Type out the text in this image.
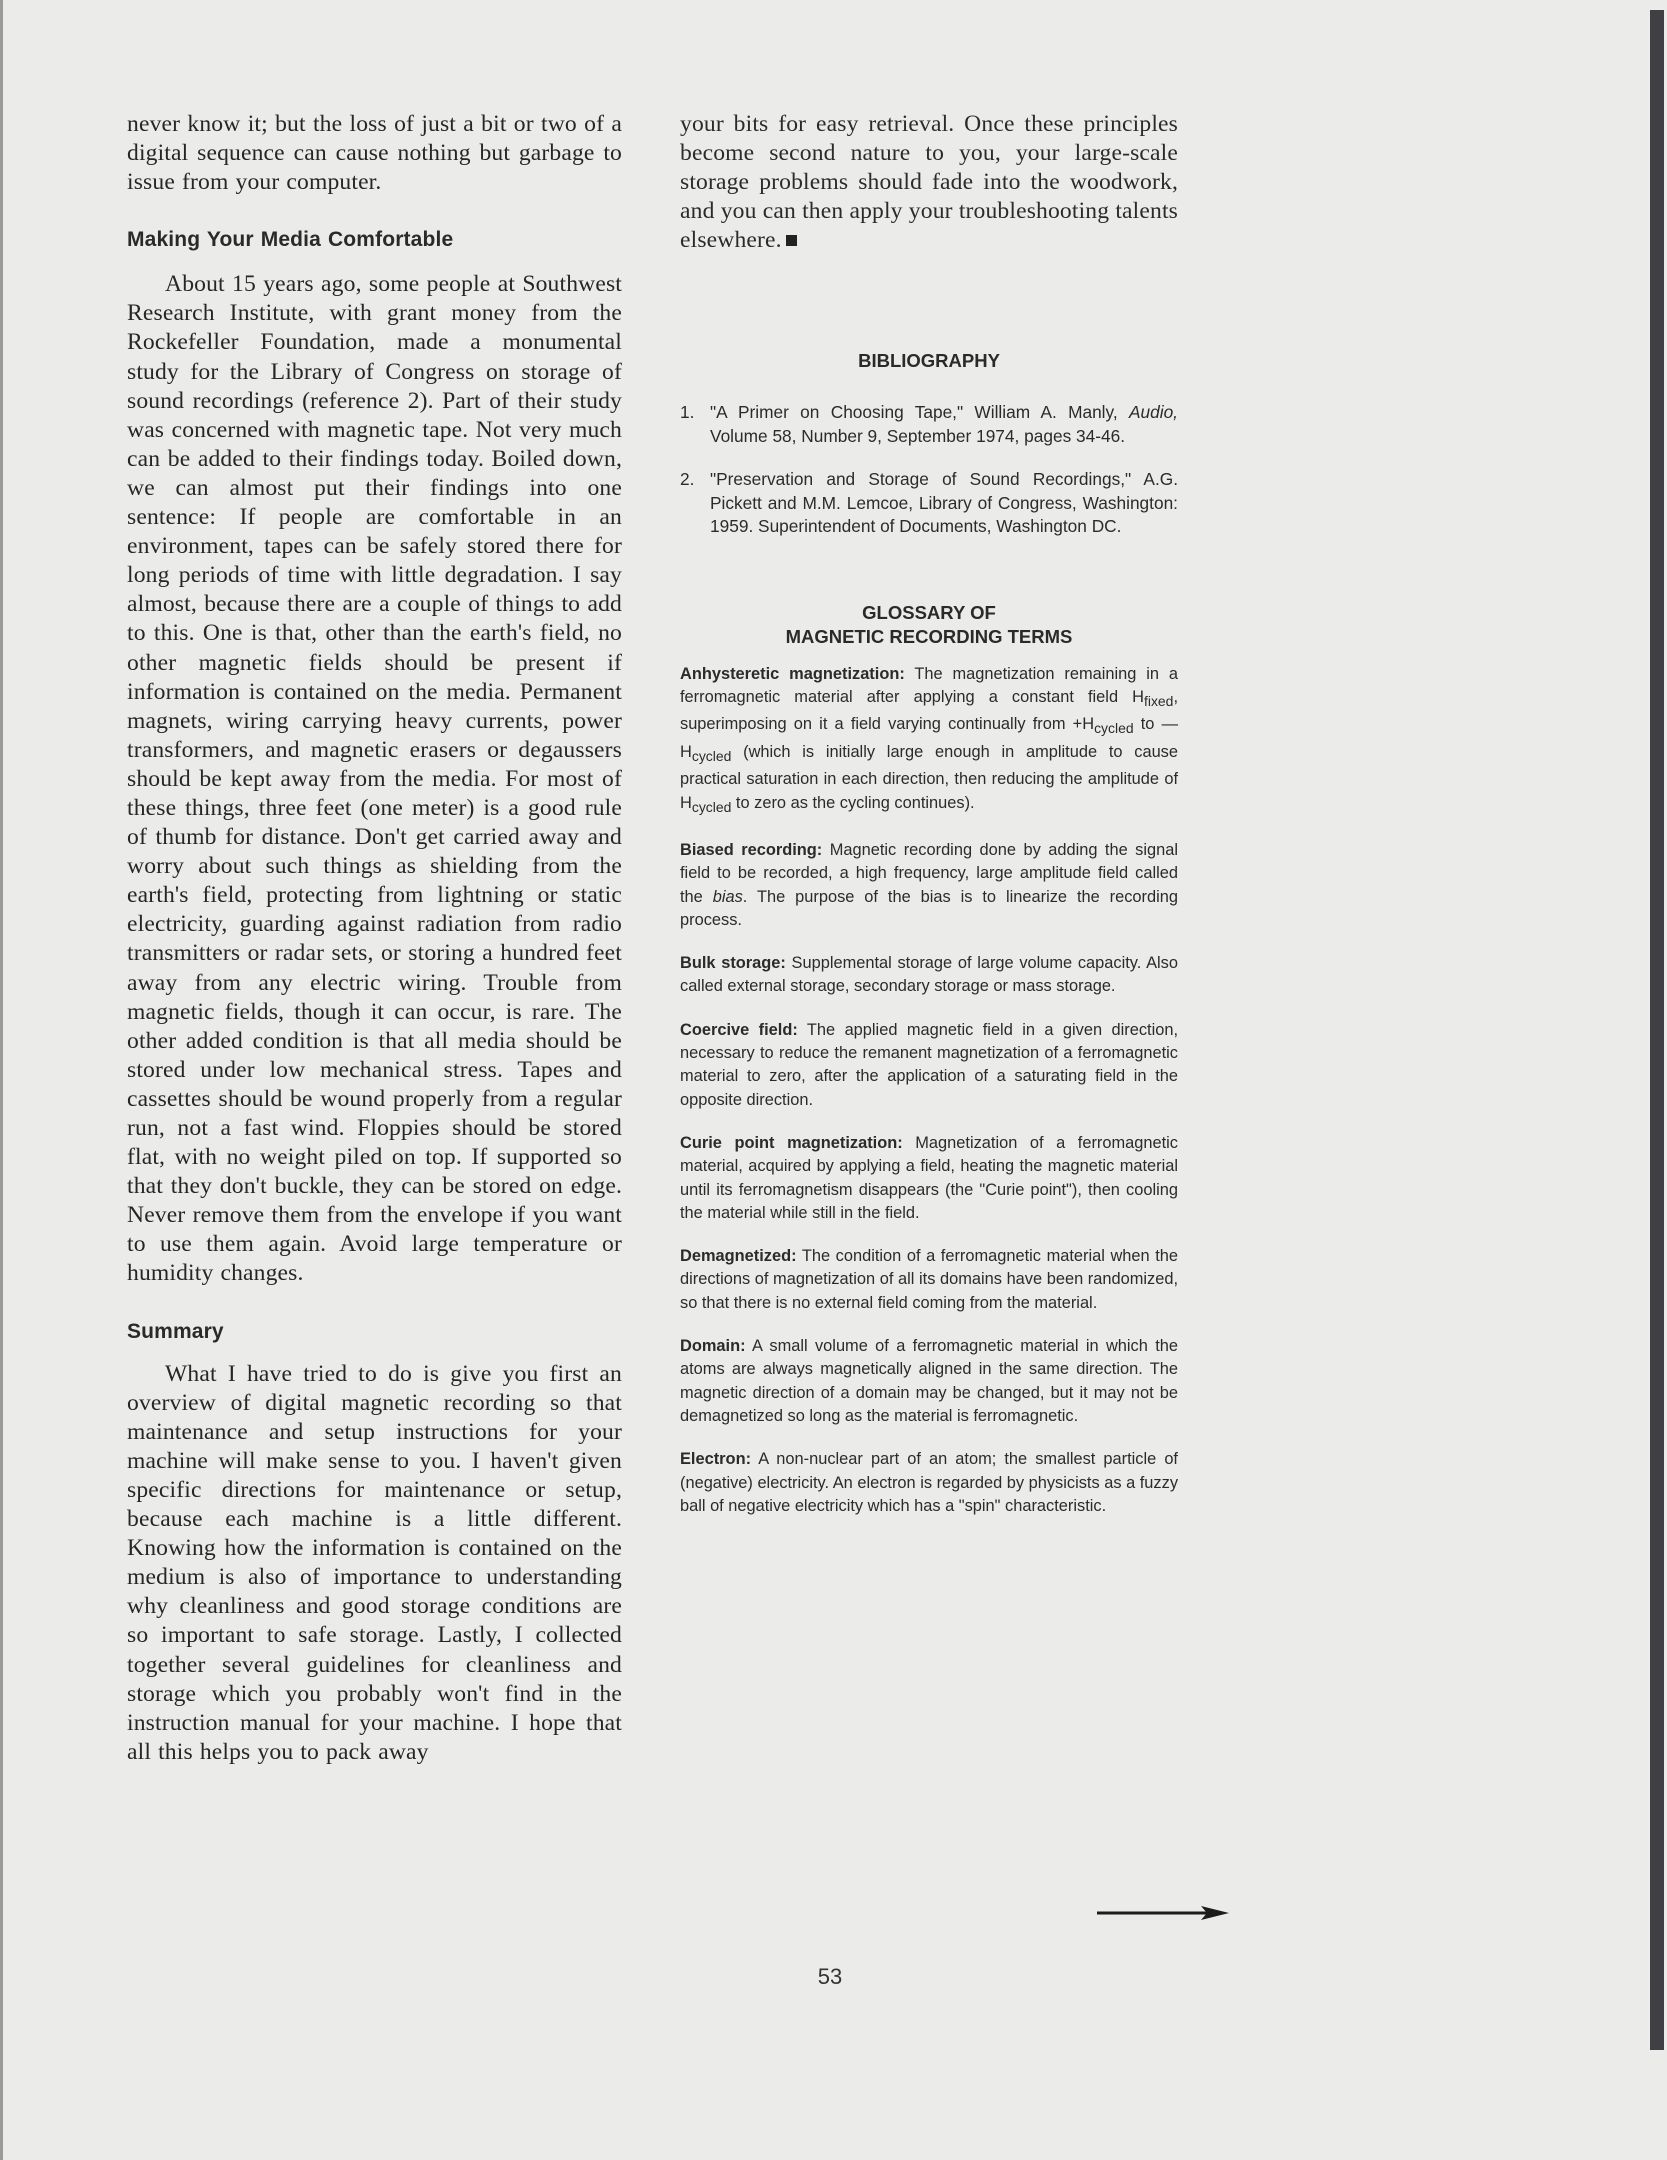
never know it; but the loss of just a bit or two of a digital sequence can cause nothing but garbage to issue from your computer.

Making Your Media Comfortable

About 15 years ago, some people at Southwest Research Institute, with grant money from the Rockefeller Foundation, made a monumental study for the Library of Congress on storage of sound recordings (reference 2). Part of their study was concerned with magnetic tape. Not very much can be added to their findings today. Boiled down, we can almost put their findings into one sentence: If people are comfortable in an environment, tapes can be safely stored there for long periods of time with little degradation. I say almost, because there are a couple of things to add to this. One is that, other than the earth's field, no other magnetic fields should be present if information is contained on the media. Permanent magnets, wiring carrying heavy currents, power transformers, and magnetic erasers or degaussers should be kept away from the media. For most of these things, three feet (one meter) is a good rule of thumb for distance. Don't get carried away and worry about such things as shielding from the earth's field, protecting from lightning or static electricity, guarding against radiation from radio transmitters or radar sets, or storing a hundred feet away from any electric wiring. Trouble from magnetic fields, though it can occur, is rare. The other added condition is that all media should be stored under low mechanical stress. Tapes and cassettes should be wound properly from a regular run, not a fast wind. Floppies should be stored flat, with no weight piled on top. If supported so that they don't buckle, they can be stored on edge. Never remove them from the envelope if you want to use them again. Avoid large temperature or humidity changes.

Summary

What I have tried to do is give you first an overview of digital magnetic recording so that maintenance and setup instructions for your machine will make sense to you. I haven't given specific directions for maintenance or setup, because each machine is a little different. Knowing how the information is contained on the medium is also of importance to understanding why cleanliness and good storage conditions are so important to safe storage. Lastly, I collected together several guidelines for cleanliness and storage which you probably won't find in the instruction manual for your machine. I hope that all this helps you to pack away

your bits for easy retrieval. Once these principles become second nature to you, your large-scale storage problems should fade into the woodwork, and you can then apply your troubleshooting talents elsewhere.

BIBLIOGRAPHY
1. "A Primer on Choosing Tape," William A. Manly, Audio, Volume 58, Number 9, September 1974, pages 34-46.
2. "Preservation and Storage of Sound Recordings," A.G. Pickett and M.M. Lemcoe, Library of Congress, Washington: 1959. Superintendent of Documents, Washington DC.
GLOSSARY OF
MAGNETIC RECORDING TERMS

Anhysteretic magnetization: The magnetization remaining in a ferromagnetic material after applying a constant field Hfixed, superimposing on it a field varying continually from +Hcycled to —Hcycled (which is initially large enough in amplitude to cause practical saturation in each direction, then reducing the amplitude of Hcycled to zero as the cycling continues).

Biased recording: Magnetic recording done by adding the signal field to be recorded, a high frequency, large amplitude field called the bias. The purpose of the bias is to linearize the recording process.

Bulk storage: Supplemental storage of large volume capacity. Also called external storage, secondary storage or mass storage.

Coercive field: The applied magnetic field in a given direction, necessary to reduce the remanent magnetization of a ferromagnetic material to zero, after the application of a saturating field in the opposite direction.

Curie point magnetization: Magnetization of a ferromagnetic material, acquired by applying a field, heating the magnetic material until its ferromagnetism disappears (the "Curie point"), then cooling the material while still in the field.

Demagnetized: The condition of a ferromagnetic material when the directions of magnetization of all its domains have been randomized, so that there is no external field coming from the material.

Domain: A small volume of a ferromagnetic material in which the atoms are always magnetically aligned in the same direction. The magnetic direction of a domain may be changed, but it may not be demagnetized so long as the material is ferromagnetic.

Electron: A non-nuclear part of an atom; the smallest particle of (negative) electricity. An electron is regarded by physicists as a fuzzy ball of negative electricity which has a "spin" characteristic.

53
